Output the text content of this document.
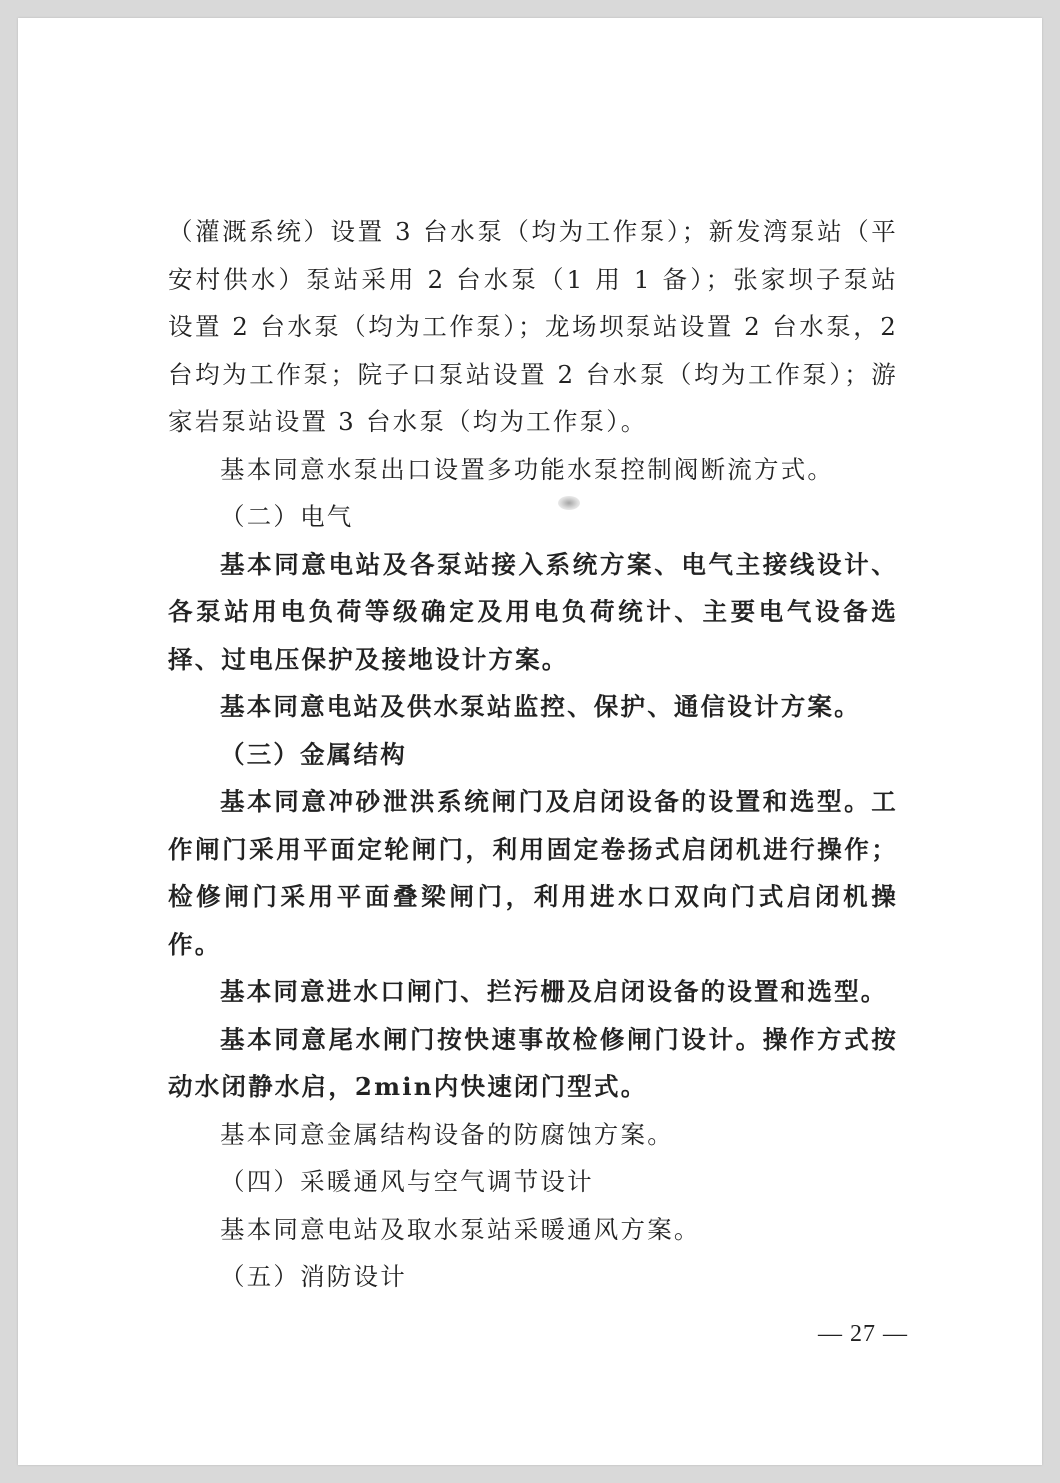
（灌溉系统）设置 3 台水泵（均为工作泵）；新发湾泵站（平安村供水）泵站采用 2 台水泵（1 用 1 备）；张家坝子泵站设置 2 台水泵（均为工作泵）；龙场坝泵站设置 2 台水泵，2 台均为工作泵；院子口泵站设置 2 台水泵（均为工作泵）；游家岩泵站设置 3 台水泵（均为工作泵）。

基本同意水泵出口设置多功能水泵控制阀断流方式。

（二）电气

基本同意电站及各泵站接入系统方案、电气主接线设计、各泵站用电负荷等级确定及用电负荷统计、主要电气设备选择、过电压保护及接地设计方案。

基本同意电站及供水泵站监控、保护、通信设计方案。

（三）金属结构

基本同意冲砂泄洪系统闸门及启闭设备的设置和选型。工作闸门采用平面定轮闸门，利用固定卷扬式启闭机进行操作；检修闸门采用平面叠梁闸门，利用进水口双向门式启闭机操作。

基本同意进水口闸门、拦污栅及启闭设备的设置和选型。

基本同意尾水闸门按快速事故检修闸门设计。操作方式按动水闭静水启，2min内快速闭门型式。

基本同意金属结构设备的防腐蚀方案。

（四）采暖通风与空气调节设计

基本同意电站及取水泵站采暖通风方案。

（五）消防设计

— 27 —
